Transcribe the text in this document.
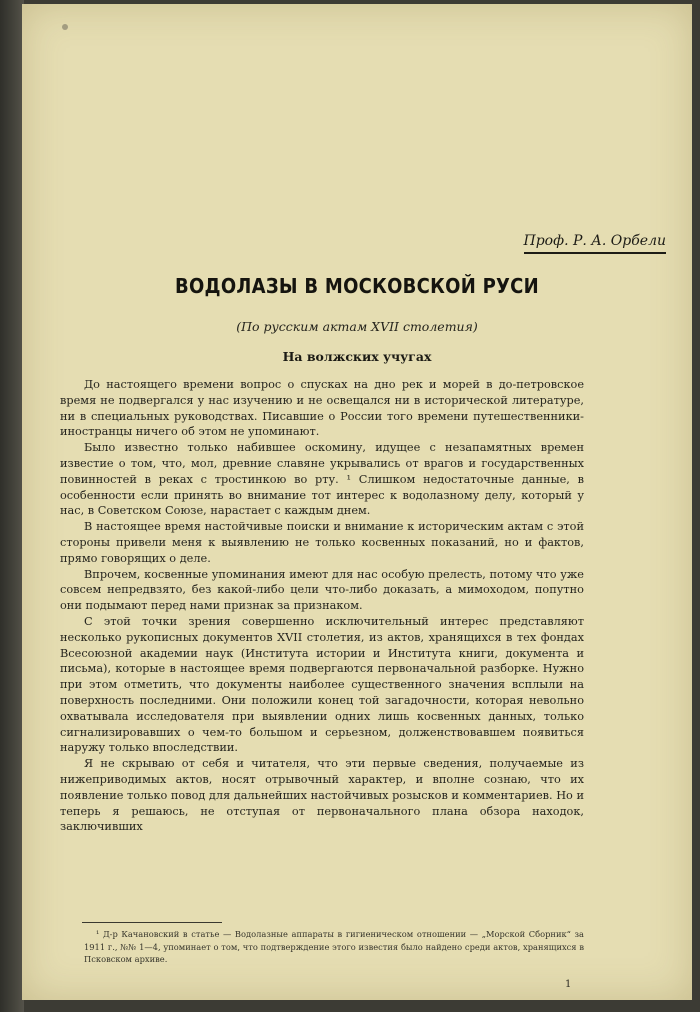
Проф. Р. А. Орбели
ВОДОЛАЗЫ В МОСКОВСКОЙ РУСИ
(По русским актам XVII столетия)
На волжских учугах

До настоящего времени вопрос о спусках на дно рек и морей в до-петровское время не подвергался у нас изучению и не освещался ни в исторической литературе, ни в специальных руководствах. Писавшие о России того времени путешественники-иностранцы ничего об этом не упоминают.

Было известно только набившее оскомину, идущее с незапамятных времен известие о том, что, мол, древние славяне укрывались от врагов и государственных повинностей в реках с тростинкою во рту. ¹ Слишком недостаточные данные, в особенности если принять во внимание тот интерес к водолазному делу, который у нас, в Советском Союзе, нарастает с каждым днем.

В настоящее время настойчивые поиски и внимание к историческим актам с этой стороны привели меня к выявлению не только косвенных показаний, но и фактов, прямо говорящих о деле.

Впрочем, косвенные упоминания имеют для нас особую прелесть, потому что уже совсем непредвзято, без какой-либо цели что-либо доказать, а мимоходом, попутно они подымают перед нами признак за признаком.

С этой точки зрения совершенно исключительный интерес представляют несколько рукописных документов XVII столетия, из актов, хранящихся в тех фондах Всесоюзной академии наук (Института истории и Института книги, документа и письма), которые в настоящее время подвергаются первоначальной разборке. Нужно при этом отметить, что документы наиболее существенного значения всплыли на поверхность последними. Они положили конец той загадочности, которая невольно охватывала исследователя при выявлении одних лишь косвенных данных, только сигнализировавших о чем-то большом и серьезном, долженствовавшем появиться наружу только впоследствии.

Я не скрываю от себя и читателя, что эти первые сведения, получаемые из нижеприводимых актов, носят отрывочный характер, и вполне сознаю, что их появление только повод для дальнейших настойчивых розысков и комментариев. Но и теперь я решаюсь, не отступая от первоначального плана обзора находок, заключивших

¹ Д-р Качановский в статье — Водолазные аппараты в гигиеническом отношении — „Морской Сборник“ за 1911 г., №№ 1—4, упоминает о том, что подтверждение этого известия было найдено среди актов, хранящихся в Псковском архиве.
1
